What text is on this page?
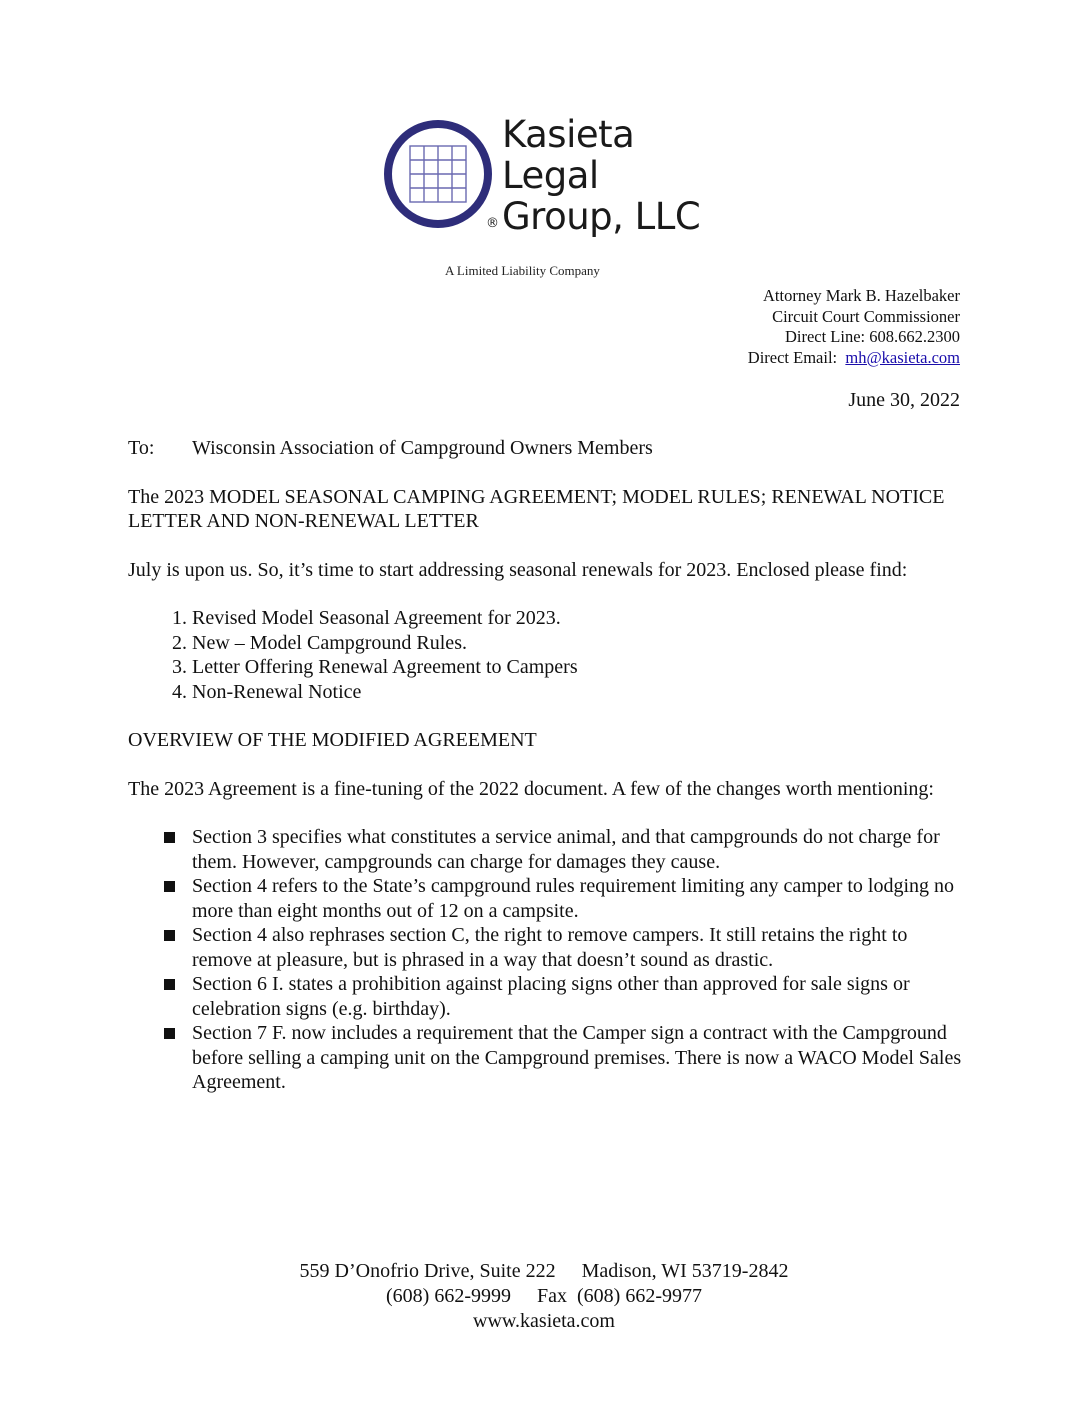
Kasieta
Legal
Group, LLC
®
A Limited Liability Company
Attorney Mark B. Hazelbaker
Circuit Court Commissioner
Direct Line: 608.662.2300
Direct Email:  mh@kasieta.com
June 30, 2022
To:	Wisconsin Association of Campground Owners Members

The 2023 MODEL SEASONAL CAMPING AGREEMENT; MODEL RULES; RENEWAL NOTICE LETTER AND NON-RENEWAL LETTER

July is upon us. So, it’s time to start addressing seasonal renewals for 2023. Enclosed please find:

1. Revised Model Seasonal Agreement for 2023.
2. New – Model Campground Rules.
3. Letter Offering Renewal Agreement to Campers
4. Non-Renewal Notice

OVERVIEW OF THE MODIFIED AGREEMENT

The 2023 Agreement is a fine-tuning of the 2022 document. A few of the changes worth mentioning:

Section 3 specifies what constitutes a service animal, and that campgrounds do not charge for them. However, campgrounds can charge for damages they cause.
Section 4 refers to the State’s campground rules requirement limiting any camper to lodging no more than eight months out of 12 on a campsite.
Section 4 also rephrases section C, the right to remove campers. It still retains the right to remove at pleasure, but is phrased in a way that doesn’t sound as drastic.
Section 6 I. states a prohibition against placing signs other than approved for sale signs or celebration signs (e.g. birthday).
Section 7 F. now includes a requirement that the Camper sign a contract with the Campground before selling a camping unit on the Campground premises. There is now a WACO Model Sales Agreement.
559 D’Onofrio Drive, Suite 222 Madison, WI 53719-2842
(608) 662-9999 Fax  (608) 662-9977
www.kasieta.com
